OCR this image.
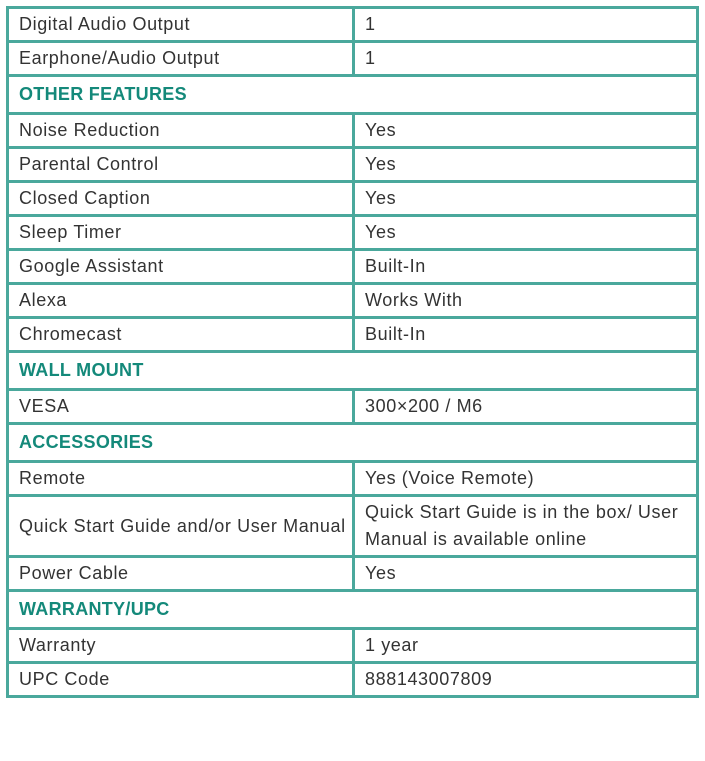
Digital Audio Output	1
Earphone/Audio Output	1
OTHER FEATURES	
Noise Reduction	Yes
Parental Control	Yes
Closed Caption	Yes
Sleep Timer	Yes
Google Assistant	Built-In
Alexa	Works With
Chromecast	Built-In
WALL MOUNT	
VESA	300×200 / M6
ACCESSORIES	
Remote	Yes (Voice Remote)
Quick Start Guide and/or User Manual	Quick Start Guide is in the box/ User Manual is available online
Power Cable	Yes
WARRANTY/UPC	
Warranty	1 year
UPC Code	888143007809
